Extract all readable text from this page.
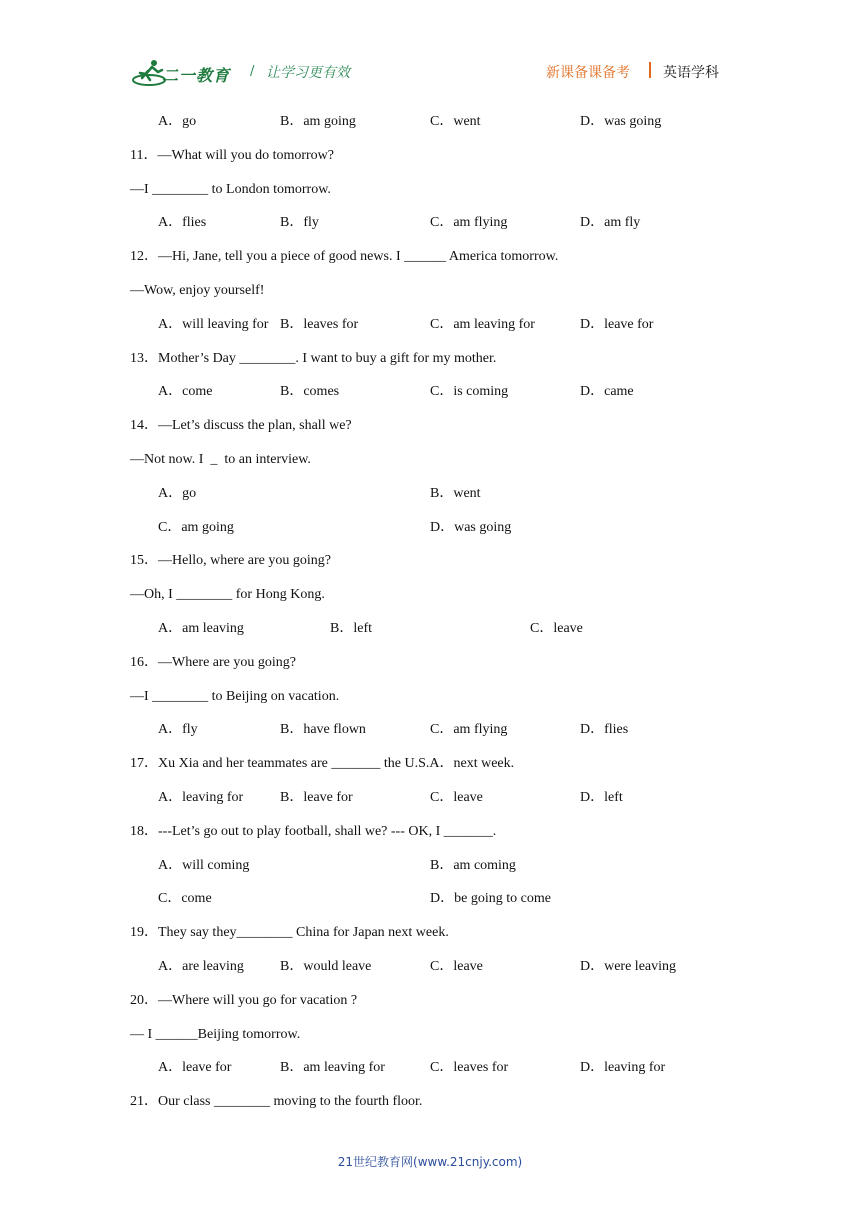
二一教育 / 让学习更有效	新课备课备考 英语学科
A．go	B．am going	C．went	D．was going
11．—What will you do tomorrow?
—I ________ to London tomorrow.
A．flies	B．fly	C．am flying	D．am fly
12．—Hi, Jane, tell you a piece of good news. I ______ America tomorrow.
—Wow, enjoy yourself!
A．will leaving for B．leaves for	C．am leaving for	D．leave for
13．Mother’s Day ________. I want to buy a gift for my mother.
A．come	B．comes	C．is coming	D．came
14．—Let’s discuss the plan, shall we?
—Not now. I  _  to an interview.
A．go	B．went
C．am going	D．was going
15．—Hello, where are you going?
—Oh, I ________ for Hong Kong.
A．am leaving	B．left	C．leave
16．—Where are you going?
—I ________ to Beijing on vacation.
A．fly	B．have flown	C．am flying	D．flies
17．Xu Xia and her teammates are _______ the U.S.A．next week.
A．leaving for	B．leave for	C．leave	D．left
18．---Let’s go out to play football, shall we? --- OK, I _______.
A．will coming	B．am coming
C．come	D．be going to come
19．They say they________ China for Japan next week.
A．are leaving	B．would leave	C．leave	D．were leaving
20．—Where will you go for vacation ?
— I ______Beijing tomorrow.
A．leave for	B．am leaving for	C．leaves for	D．leaving for
21．Our class ________ moving to the fourth floor.
21世纪教育网(www.21cnjy.com)
